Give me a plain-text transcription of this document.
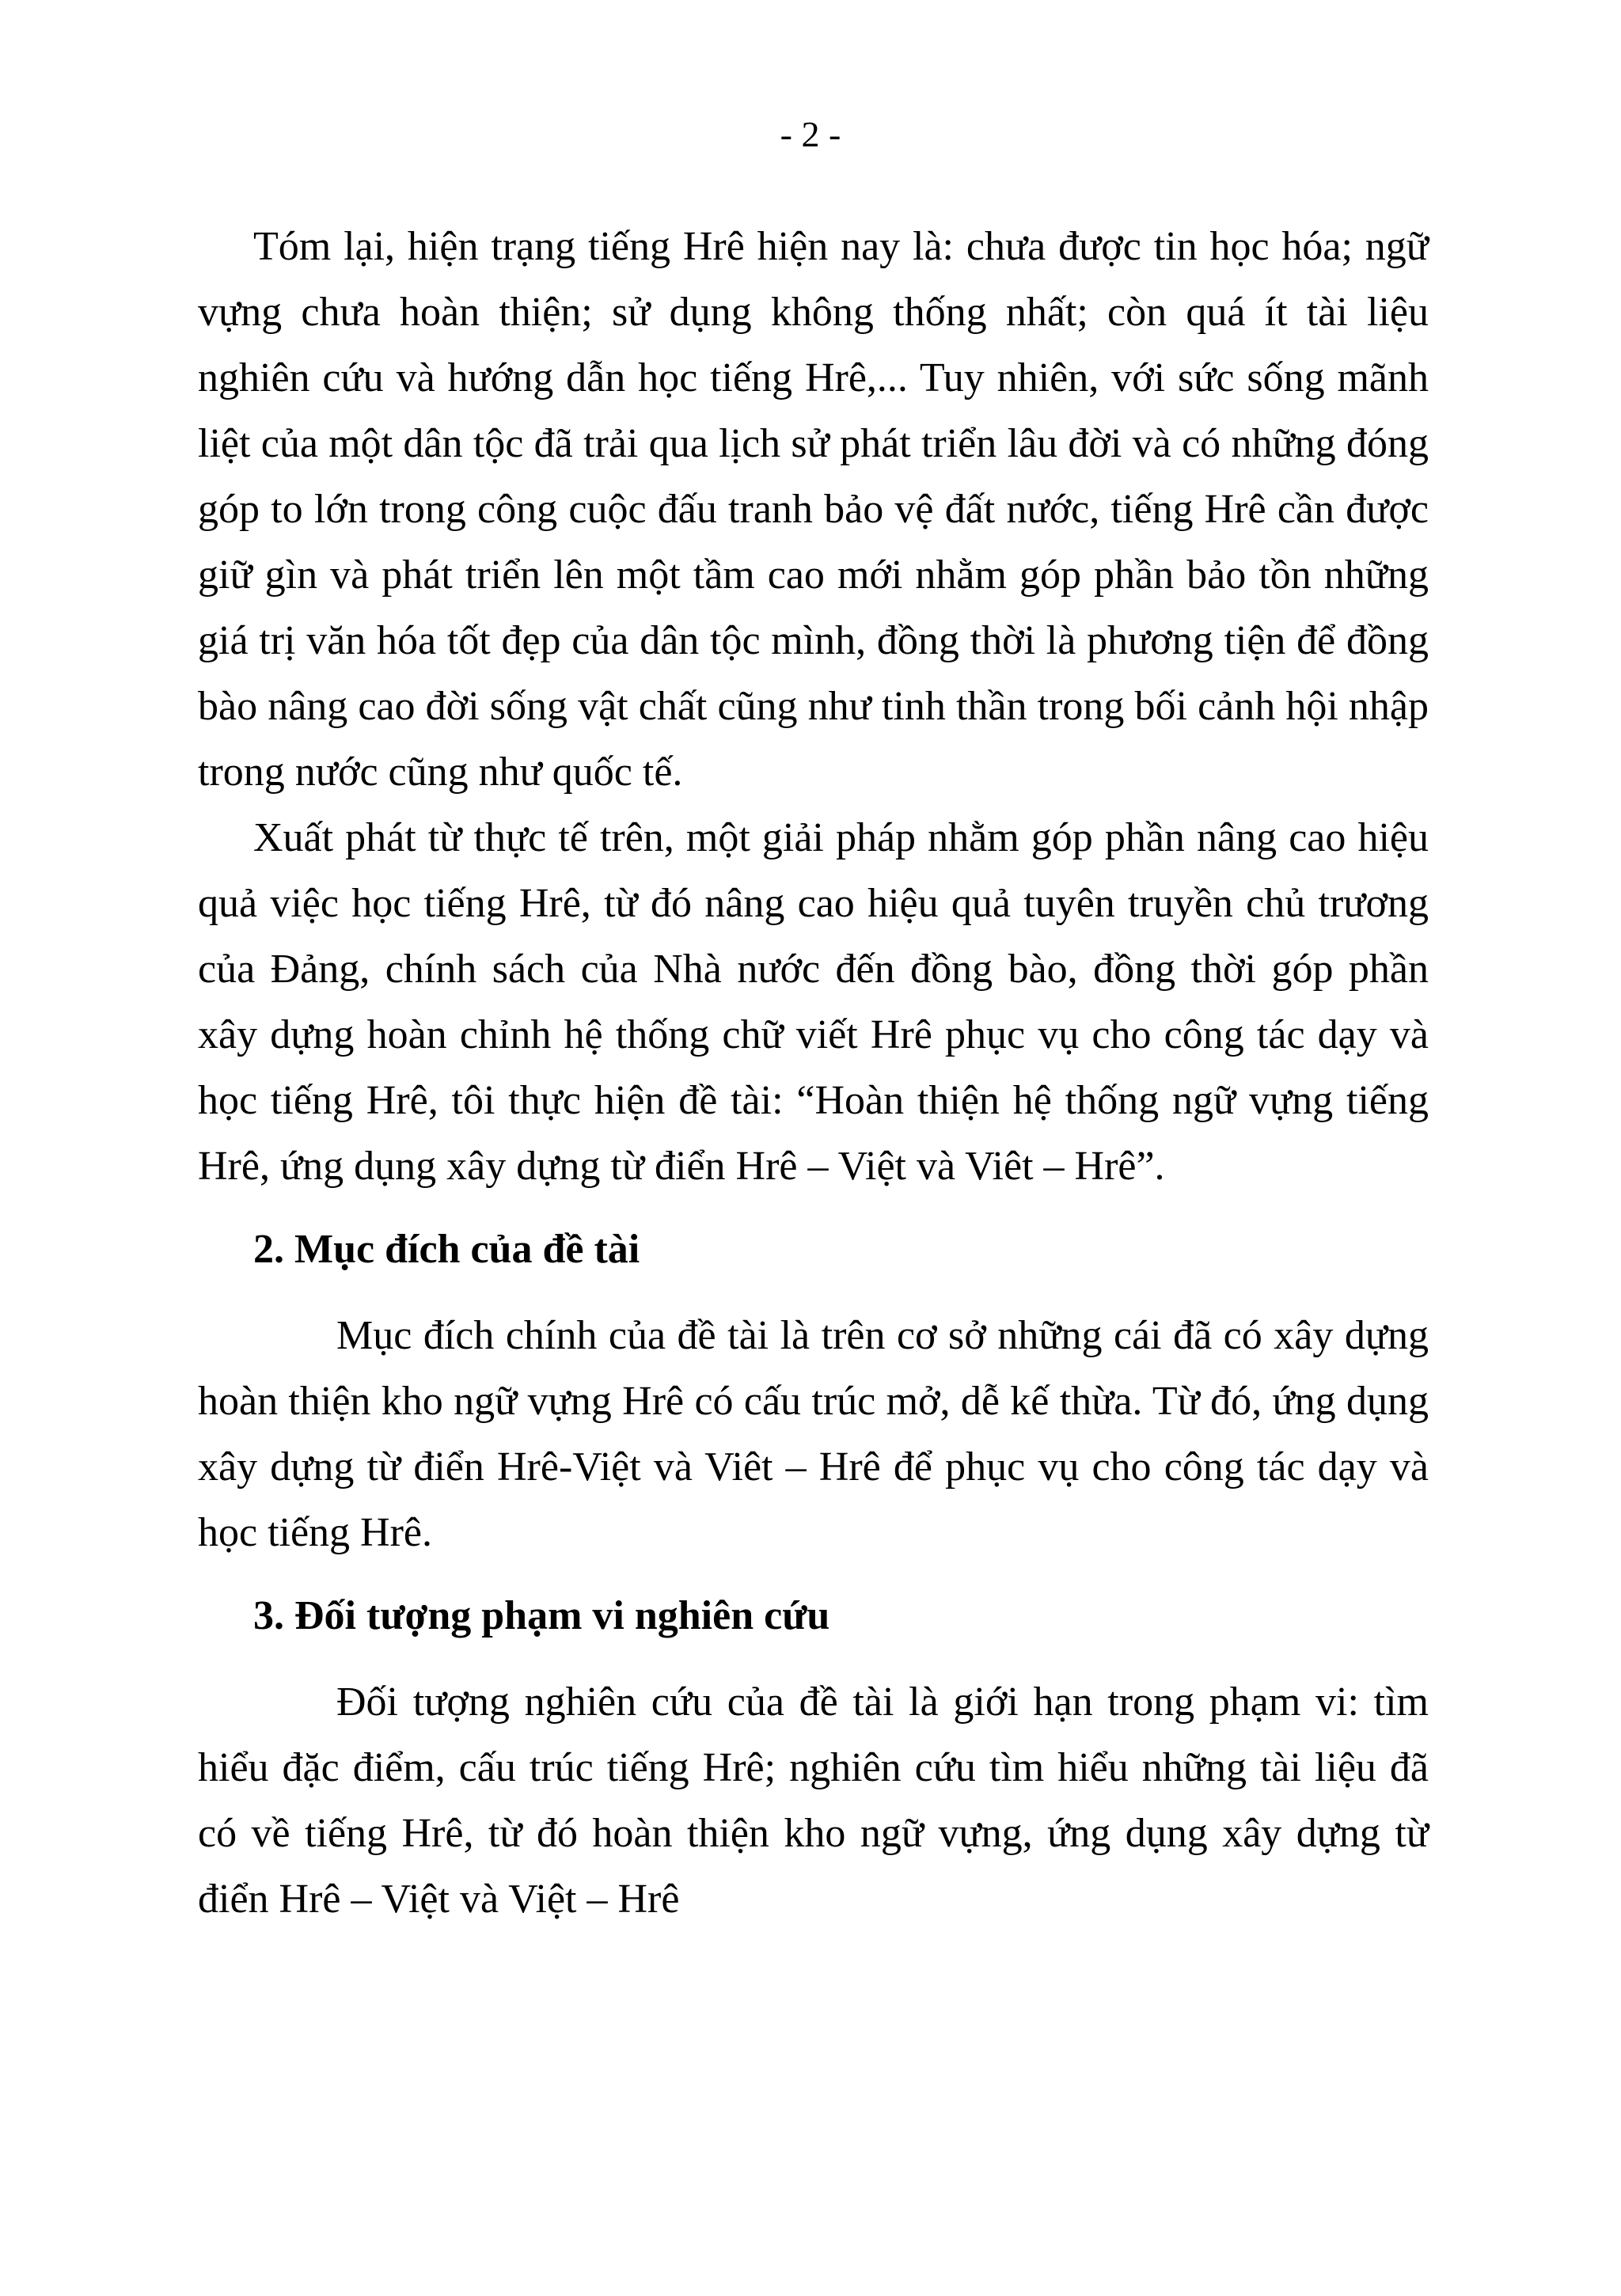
- 2 -

Tóm lại, hiện trạng tiếng Hrê hiện nay là: chưa được tin học hóa; ngữ vựng chưa hoàn thiện; sử dụng không thống nhất; còn quá ít tài liệu nghiên cứu và hướng dẫn học tiếng Hrê,... Tuy nhiên, với sức sống mãnh liệt của một dân tộc đã trải qua lịch sử phát triển lâu đời và có những đóng góp to lớn trong công cuộc đấu tranh bảo vệ đất nước, tiếng Hrê cần được giữ gìn và phát triển lên một tầm cao mới nhằm góp phần bảo tồn những giá trị văn hóa tốt đẹp của dân tộc mình, đồng thời là phương tiện để đồng bào nâng cao đời sống vật chất cũng như tinh thần trong bối cảnh hội nhập trong nước cũng như quốc tế.

Xuất phát từ thực tế trên, một giải pháp nhằm góp phần nâng cao hiệu quả việc học tiếng Hrê, từ đó nâng cao hiệu quả tuyên truyền chủ trương của Đảng, chính sách của Nhà nước đến đồng bào, đồng thời góp phần xây dựng hoàn chỉnh hệ thống chữ viết Hrê phục vụ cho công tác dạy và học tiếng Hrê, tôi thực hiện đề tài: “Hoàn thiện hệ thống ngữ vựng tiếng Hrê, ứng dụng xây dựng từ điển Hrê – Việt và Viêt – Hrê”.

2. Mục đích của đề tài

Mục đích chính của đề tài là trên cơ sở những cái đã có xây dựng hoàn thiện kho ngữ vựng Hrê có cấu trúc mở, dễ kế thừa. Từ đó, ứng dụng xây dựng từ điển Hrê-Việt và Viêt – Hrê để phục vụ cho công tác dạy và học tiếng Hrê.

3. Đối tượng phạm vi nghiên cứu

Đối tượng nghiên cứu của đề tài là giới hạn trong phạm vi: tìm hiểu đặc điểm, cấu trúc tiếng Hrê; nghiên cứu tìm hiểu những tài liệu đã có về tiếng Hrê, từ đó hoàn thiện kho ngữ vựng, ứng dụng xây dựng từ điển Hrê – Việt và Việt – Hrê
